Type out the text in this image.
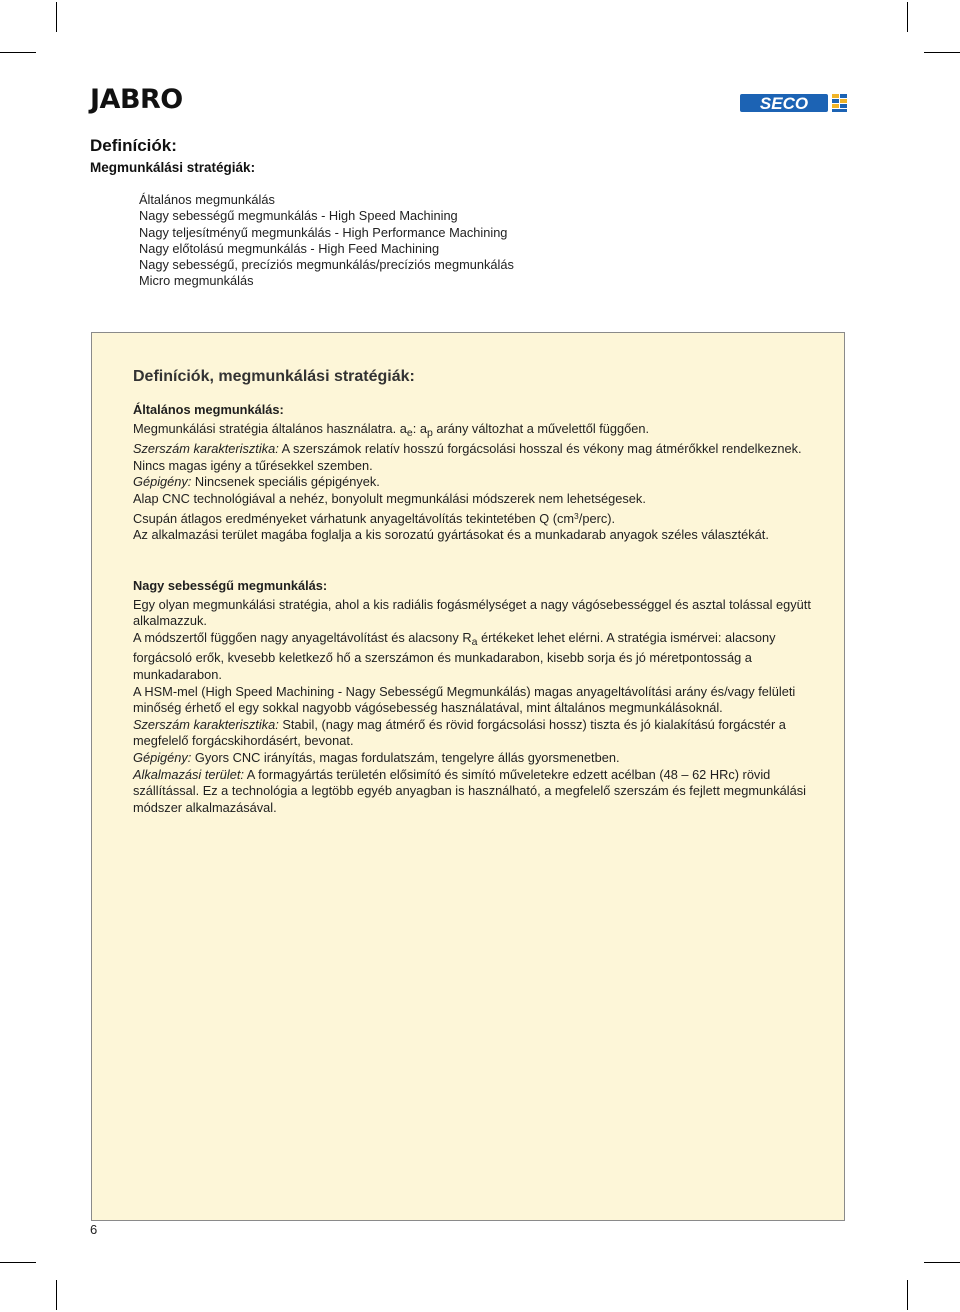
JABRO	SECO
Definíciók:
Megmunkálási stratégiák:
Általános megmunkálás
Nagy sebességű megmunkálás - High Speed Machining
Nagy teljesítményű megmunkálás - High Performance Machining
Nagy előtolású megmunkálás - High Feed Machining
Nagy sebességű, precíziós megmunkálás/precíziós megmunkálás
Micro megmunkálás
Definíciók, megmunkálási stratégiák:

Általános megmunkálás:

Megmunkálási stratégia általános használatra. $a_e$: $a_p$ arány változhat a művelettől függően.

Szerszám karakterisztika: A szerszámok relatív hosszú forgácsolási hosszal és vékony mag átmérőkkel rendelkeznek.

Nincs magas igény a tűrésekkel szemben.

Gépigény: Nincsenek speciális gépigények.

Alap CNC technológiával a nehéz, bonyolult megmunkálási módszerek nem lehetségesek.

Csupán átlagos eredményeket várhatunk anyageltávolítás tekintetében Q $(cm^3/perc)$.

Az alkalmazási terület magába foglalja a kis sorozatú gyártásokat és a munkadarab anyagok széles választékát.

Nagy sebességű megmunkálás:

Egy olyan megmunkálási stratégia, ahol a kis radiális fogásmélységet a nagy vágósebességgel és asztal tolással együtt alkalmazzuk.

A módszertől függően nagy anyageltávolítást és alacsony $R_a$ értékeket lehet elérni. A stratégia ismérvei: alacsony forgácsoló erők, kvesebb keletkező hő a szerszámon és munkadarabon, kisebb sorja és jó méretpontosság a munkadarabon.

A HSM-mel (High Speed Machining - Nagy Sebességű Megmunkálás) magas anyageltávolítási arány és/vagy felületi minőség érhető el egy sokkal nagyobb vágósebesség használatával, mint általános megmunkálásoknál.

Szerszám karakterisztika: Stabil, (nagy mag átmérő és rövid forgácsolási hossz) tiszta és jó kialakítású forgácstér a megfelelő forgácskihordásért, bevonat.

Gépigény: Gyors CNC irányítás, magas fordulatszám, tengelyre állás gyorsmenetben.

Alkalmazási terület: A formagyártás területén elősimító és simító műveletekre edzett acélban (48 – 62 HRc) rövid szállítással. Ez a technológia a legtöbb egyéb anyagban is használható, a megfelelő szerszám és fejlett megmunkálási módszer alkalmazásával.

6
